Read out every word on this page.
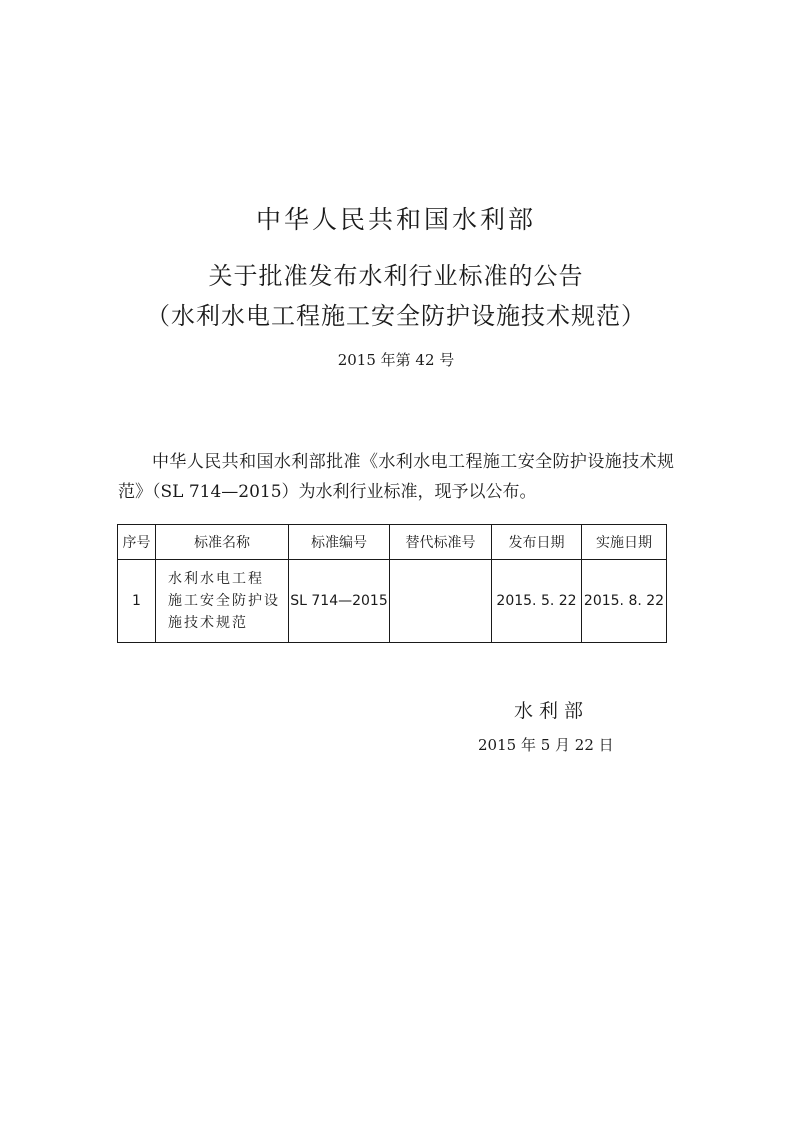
中华人民共和国水利部
关于批准发布水利行业标准的公告
（水利水电工程施工安全防护设施技术规范）
2015 年第 42 号

中华人民共和国水利部批准《水利水电工程施工安全防护设施技术规范》（SL 714—2015）为水利行业标准，现予以公布。

序号	标准名称	标准编号	替代标准号	发布日期	实施日期
1	水利水电工程
施工安全防护设
施技术规范	SL 714—2015		2015. 5. 22	2015. 8. 22
水利部
2015 年 5 月 22 日
